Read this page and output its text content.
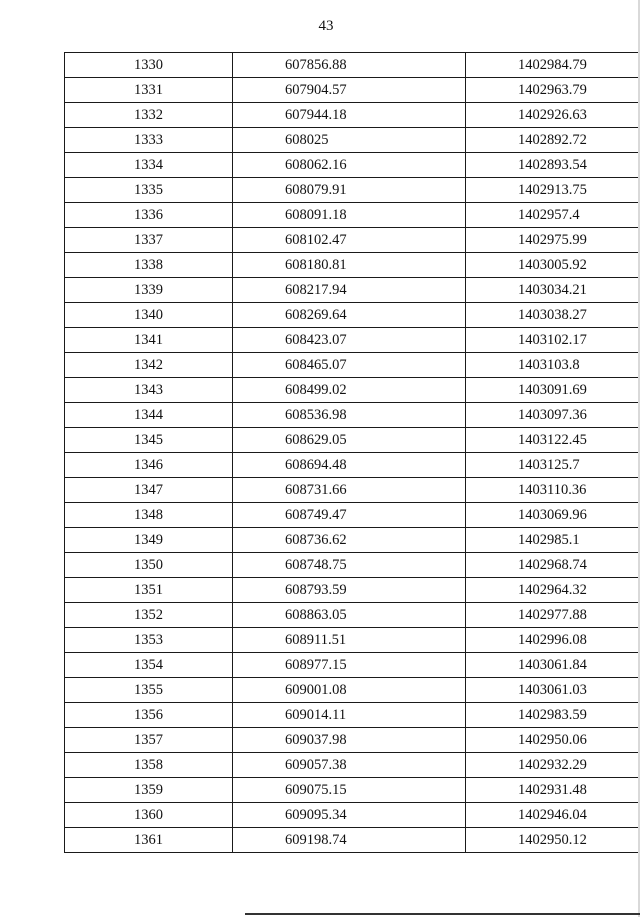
43
1330	607856.88	1402984.79
1331	607904.57	1402963.79
1332	607944.18	1402926.63
1333	608025	1402892.72
1334	608062.16	1402893.54
1335	608079.91	1402913.75
1336	608091.18	1402957.4
1337	608102.47	1402975.99
1338	608180.81	1403005.92
1339	608217.94	1403034.21
1340	608269.64	1403038.27
1341	608423.07	1403102.17
1342	608465.07	1403103.8
1343	608499.02	1403091.69
1344	608536.98	1403097.36
1345	608629.05	1403122.45
1346	608694.48	1403125.7
1347	608731.66	1403110.36
1348	608749.47	1403069.96
1349	608736.62	1402985.1
1350	608748.75	1402968.74
1351	608793.59	1402964.32
1352	608863.05	1402977.88
1353	608911.51	1402996.08
1354	608977.15	1403061.84
1355	609001.08	1403061.03
1356	609014.11	1402983.59
1357	609037.98	1402950.06
1358	609057.38	1402932.29
1359	609075.15	1402931.48
1360	609095.34	1402946.04
1361	609198.74	1402950.12
